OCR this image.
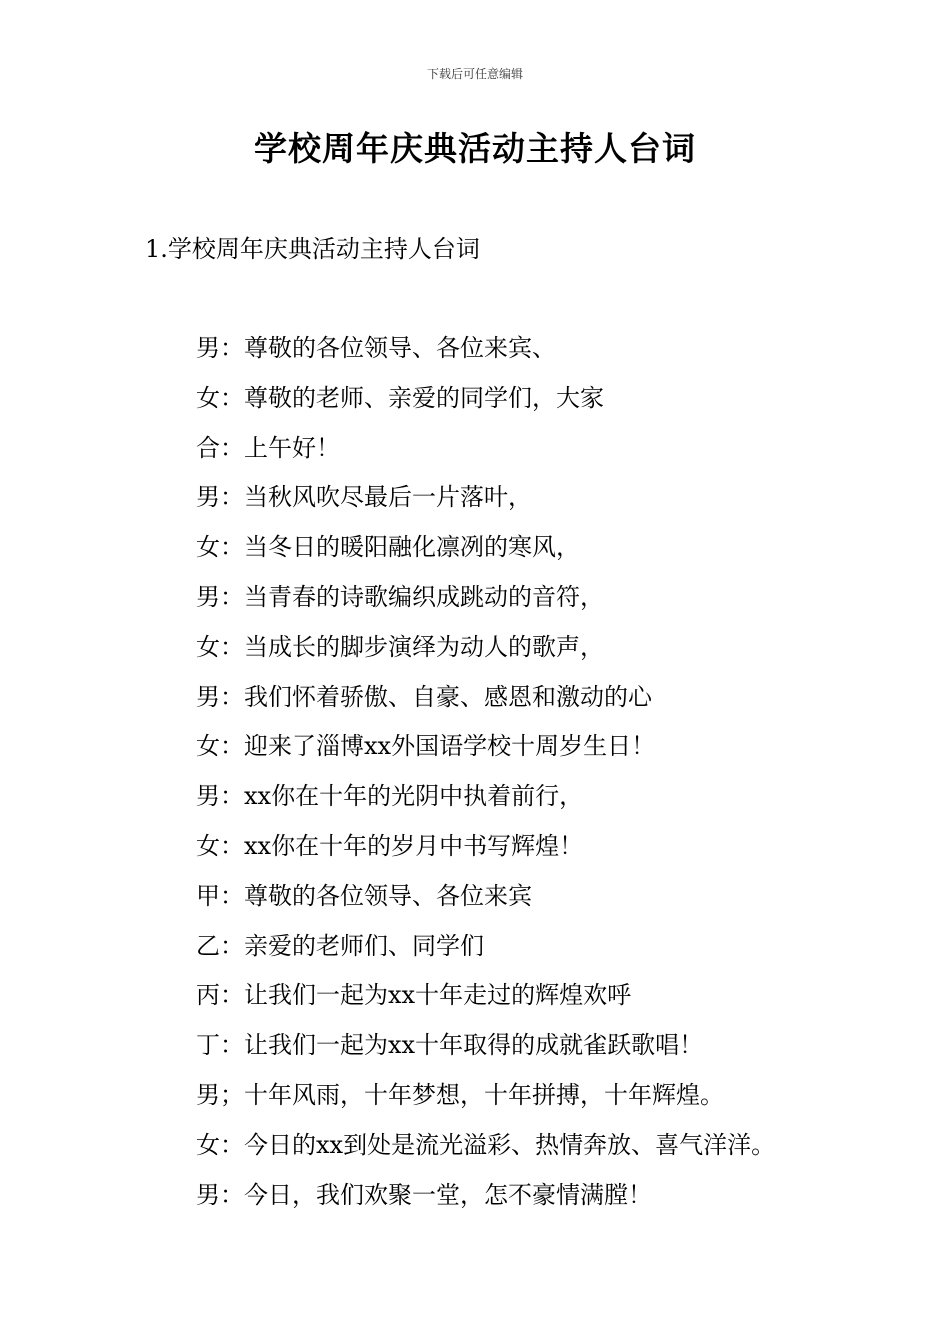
下载后可任意编辑
学校周年庆典活动主持人台词
1.学校周年庆典活动主持人台词
男：尊敬的各位领导、各位来宾、
女：尊敬的老师、亲爱的同学们，大家
合：上午好！
男：当秋风吹尽最后一片落叶，
女：当冬日的暖阳融化凛冽的寒风，
男：当青春的诗歌编织成跳动的音符，
女：当成长的脚步演绎为动人的歌声，
男：我们怀着骄傲、自豪、感恩和激动的心
女：迎来了淄博xx外国语学校十周岁生日！
男：xx你在十年的光阴中执着前行，
女：xx你在十年的岁月中书写辉煌！
甲：尊敬的各位领导、各位来宾
乙：亲爱的老师们、同学们
丙：让我们一起为xx十年走过的辉煌欢呼
丁：让我们一起为xx十年取得的成就雀跃歌唱！
男；十年风雨，十年梦想，十年拼搏，十年辉煌。
女：今日的xx到处是流光溢彩、热情奔放、喜气洋洋。
男：今日，我们欢聚一堂，怎不豪情满膛！
